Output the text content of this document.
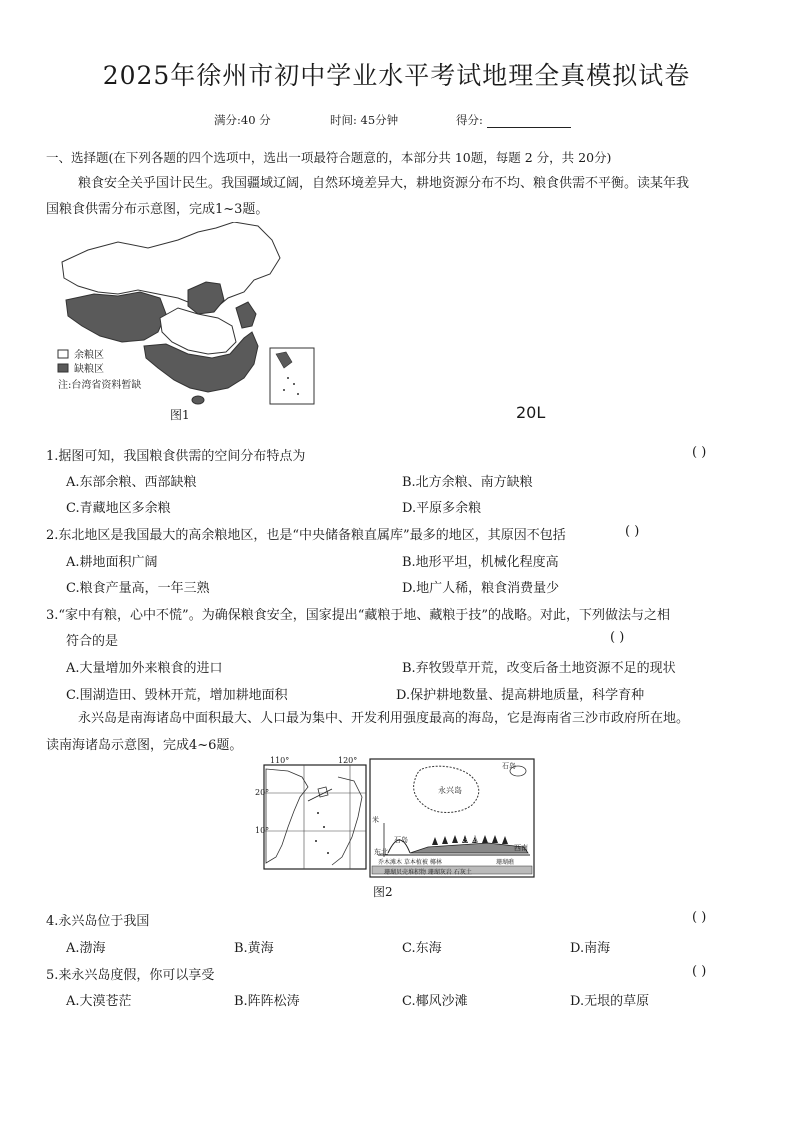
2025年徐州市初中学业水平考试地理全真模拟试卷
满分:40 分	时间: 45分钟	得分:
一、选择题(在下列各题的四个选项中，选出一项最符合题意的，本部分共 10题，每题 2 分，共 20分)
粮食安全关乎国计民生。我国疆域辽阔，自然环境差异大，耕地资源分布不均、粮食供需不平衡。读某年我
国粮食供需分布示意图，完成1~3题。
余粮区
缺粮区
注:台湾省资料暂缺
图1	20L
1.据图可知，我国粮食供需的空间分布特点为	( )
A.东部余粮、西部缺粮	B.北方余粮、南方缺粮
C.青藏地区多余粮	D.平原多余粮
2.东北地区是我国最大的高余粮地区，也是“中央储备粮直属库”最多的地区，其原因不包括	( )
A.耕地面积广阔	B.地形平坦，机械化程度高
C.粮食产量高，一年三熟	D.地广人稀，粮食消费量少
3.“家中有粮，心中不慌”。为确保粮食安全，国家提出“藏粮于地、藏粮于技”的战略。对此，下列做法与之相
符合的是	( )
A.大量增加外来粮食的进口	B.弃牧毁草开荒，改变后备土地资源不足的现状
C.围湖造田、毁林开荒，增加耕地面积	D.保护耕地数量、提高耕地质量，科学育种
永兴岛是南海诸岛中面积最大、人口最为集中、开发利用强度最高的海岛，它是海南省三沙市政府所在地。
读南海诸岛示意图，完成4~6题。
110°	120°
20°
10°
石岛
永兴岛
米
石岛	永兴岛
东北	西南
乔木滩木 草本植被 椰林	珊瑚礁
珊瑚贝壳堆积物 珊瑚灰岩 石灰土
图2
4.永兴岛位于我国	( )
A.渤海	B.黄海	C.东海	D.南海
5.来永兴岛度假，你可以享受	( )
A.大漠苍茫	B.阵阵松涛	C.椰风沙滩	D.无垠的草原
